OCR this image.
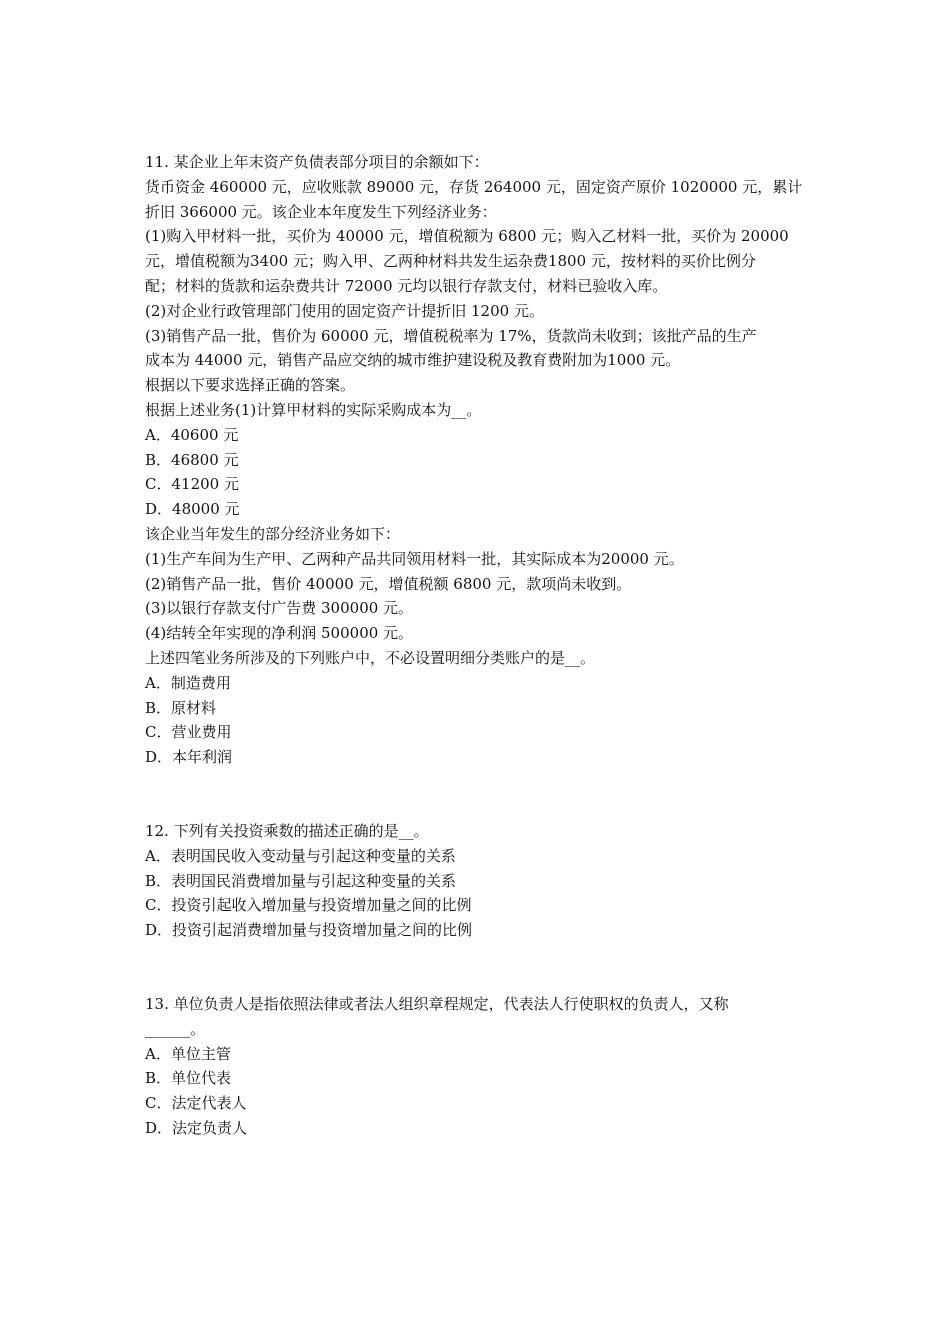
11. 某企业上年末资产负债表部分项目的余额如下：
货币资金 460000 元，应收账款 89000 元，存货 264000 元，固定资产原价 1020000 元，累计
折旧 366000 元。该企业本年度发生下列经济业务：
(1)购入甲材料一批，买价为 40000 元，增值税额为 6800 元；购入乙材料一批，买价为 20000
元，增值税额为3400 元；购入甲、乙两种材料共发生运杂费1800 元，按材料的买价比例分
配；材料的货款和运杂费共计 72000 元均以银行存款支付，材料已验收入库。
(2)对企业行政管理部门使用的固定资产计提折旧 1200 元。
(3)销售产品一批，售价为 60000 元，增值税税率为 17%，货款尚未收到；该批产品的生产
成本为 44000 元，销售产品应交纳的城市维护建设税及教育费附加为1000 元。
根据以下要求选择正确的答案。
根据上述业务(1)计算甲材料的实际采购成本为__。
A．40600 元
B．46800 元
C．41200 元
D．48000 元
该企业当年发生的部分经济业务如下：
(1)生产车间为生产甲、乙两种产品共同领用材料一批，其实际成本为20000 元。
(2)销售产品一批，售价 40000 元，增值税额 6800 元，款项尚未收到。
(3)以银行存款支付广告费 300000 元。
(4)结转全年实现的净利润 500000 元。
上述四笔业务所涉及的下列账户中，不必设置明细分类账户的是__。
A．制造费用
B．原材料
C．营业费用
D．本年利润
12. 下列有关投资乘数的描述正确的是__。
A．表明国民收入变动量与引起这种变量的关系
B．表明国民消费增加量与引起这种变量的关系
C．投资引起收入增加量与投资增加量之间的比例
D．投资引起消费增加量与投资增加量之间的比例
13. 单位负责人是指依照法律或者法人组织章程规定，代表法人行使职权的负责人，又称
______。
A．单位主管
B．单位代表
C．法定代表人
D．法定负责人
